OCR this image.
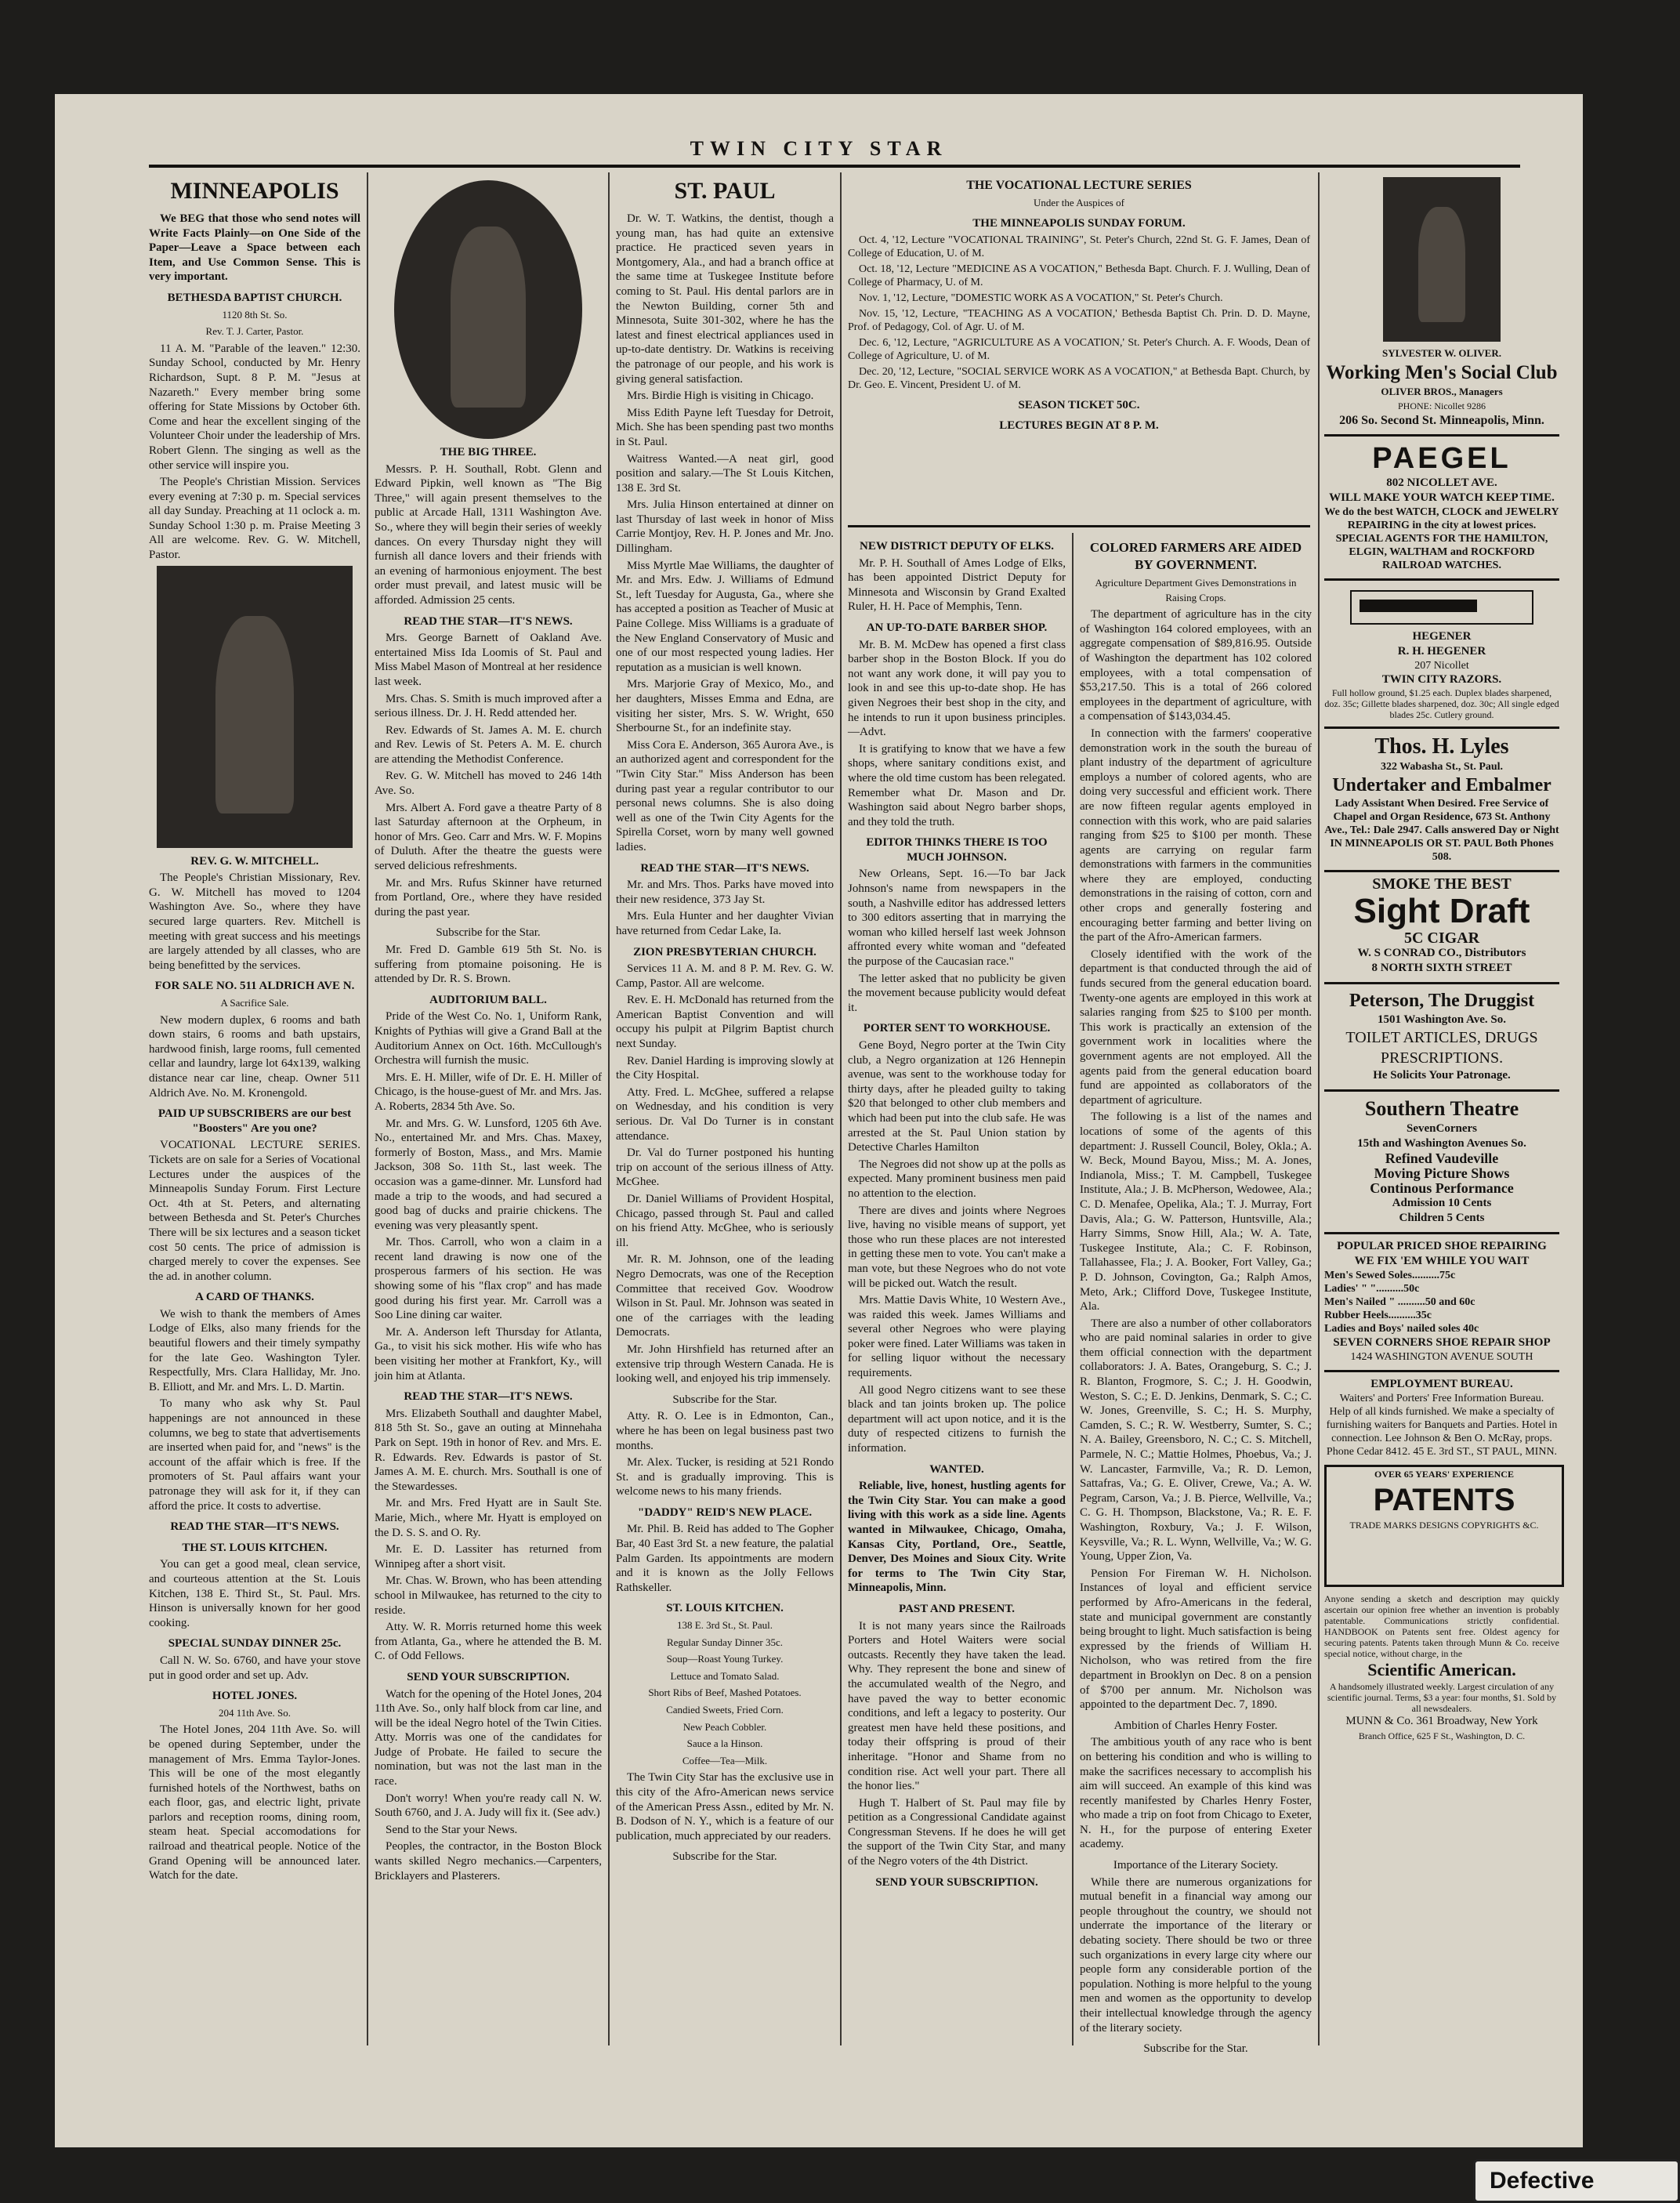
TWIN CITY STAR
MINNEAPOLIS

We BEG that those who send notes will Write Facts Plainly—on One Side of the Paper—Leave a Space between each Item, and Use Common Sense. This is very important.

BETHESDA BAPTIST CHURCH.
1120 8th St. So.
Rev. T. J. Carter, Pastor.

11 A. M. "Parable of the leaven." 12:30. Sunday School, conducted by Mr. Henry Richardson, Supt. 8 P. M. "Jesus at Nazareth." Every member bring some offering for State Missions by October 6th. Come and hear the excellent singing of the Volunteer Choir under the leadership of Mrs. Robert Glenn. The singing as well as the other service will inspire you.

The People's Christian Mission. Services every evening at 7:30 p. m. Special services all day Sunday. Preaching at 11 oclock a. m. Sunday School 1:30 p. m. Praise Meeting 3 All are welcome. Rev. G. W. Mitchell, Pastor.

REV. G. W. MITCHELL.

The People's Christian Missionary, Rev. G. W. Mitchell has moved to 1204 Washington Ave. So., where they have secured large quarters. Rev. Mitchell is meeting with great success and his meetings are largely attended by all classes, who are being benefitted by the services.

FOR SALE NO. 511 ALDRICH AVE N.
A Sacrifice Sale.

New modern duplex, 6 rooms and bath down stairs, 6 rooms and bath upstairs, hardwood finish, large rooms, full cemented cellar and laundry, large lot 64x139, walking distance near car line, cheap. Owner 511 Aldrich Ave. No. M. Kronengold.

PAID UP SUBSCRIBERS are our best "Boosters" Are you one?

VOCATIONAL LECTURE SERIES. Tickets are on sale for a Series of Vocational Lectures under the auspices of the Minneapolis Sunday Forum. First Lecture Oct. 4th at St. Peters, and alternating between Bethesda and St. Peter's Churches There will be six lectures and a season ticket cost 50 cents. The price of admission is charged merely to cover the expenses. See the ad. in another column.

A CARD OF THANKS.

We wish to thank the members of Ames Lodge of Elks, also many friends for the beautiful flowers and their timely sympathy for the late Geo. Washington Tyler. Respectfully, Mrs. Clara Halliday, Mr. Jno. B. Elliott, and Mr. and Mrs. L. D. Martin.

To many who ask why St. Paul happenings are not announced in these columns, we beg to state that advertisements are inserted when paid for, and "news" is the account of the affair which is free. If the promoters of St. Paul affairs want your patronage they will ask for it, if they can afford the price. It costs to advertise.

READ THE STAR—IT'S NEWS.
THE ST. LOUIS KITCHEN.

You can get a good meal, clean service, and courteous attention at the St. Louis Kitchen, 138 E. Third St., St. Paul. Mrs. Hinson is universally known for her good cooking.

SPECIAL SUNDAY DINNER 25c.

Call N. W. So. 6760, and have your stove put in good order and set up. Adv.

HOTEL JONES.
204 11th Ave. So.

The Hotel Jones, 204 11th Ave. So. will be opened during September, under the management of Mrs. Emma Taylor-Jones. This will be one of the most elegantly furnished hotels of the Northwest, baths on each floor, gas, and electric light, private parlors and reception rooms, dining room, steam heat. Special accomodations for railroad and theatrical people. Notice of the Grand Opening will be announced later. Watch for the date.

THE BIG THREE.

Messrs. P. H. Southall, Robt. Glenn and Edward Pipkin, well known as "The Big Three," will again present themselves to the public at Arcade Hall, 1311 Washington Ave. So., where they will begin their series of weekly dances. On every Thursday night they will furnish all dance lovers and their friends with an evening of harmonious enjoyment. The best order must prevail, and latest music will be afforded. Admission 25 cents.

READ THE STAR—IT'S NEWS.

Mrs. George Barnett of Oakland Ave. entertained Miss Ida Loomis of St. Paul and Miss Mabel Mason of Montreal at her residence last week.

Mrs. Chas. S. Smith is much improved after a serious illness. Dr. J. H. Redd attended her.

Rev. Edwards of St. James A. M. E. church and Rev. Lewis of St. Peters A. M. E. church are attending the Methodist Conference.

Rev. G. W. Mitchell has moved to 246 14th Ave. So.

Mrs. Albert A. Ford gave a theatre Party of 8 last Saturday afternoon at the Orpheum, in honor of Mrs. Geo. Carr and Mrs. W. F. Mopins of Duluth. After the theatre the guests were served delicious refreshments.

Mr. and Mrs. Rufus Skinner have returned from Portland, Ore., where they have resided during the past year.

Subscribe for the Star.

Mr. Fred D. Gamble 619 5th St. No. is suffering from ptomaine poisoning. He is attended by Dr. R. S. Brown.

AUDITORIUM BALL.

Pride of the West Co. No. 1, Uniform Rank, Knights of Pythias will give a Grand Ball at the Auditorium Annex on Oct. 16th. McCullough's Orchestra will furnish the music.

Mrs. E. H. Miller, wife of Dr. E. H. Miller of Chicago, is the house-guest of Mr. and Mrs. Jas. A. Roberts, 2834 5th Ave. So.

Mr. and Mrs. G. W. Lunsford, 1205 6th Ave. No., entertained Mr. and Mrs. Chas. Maxey, formerly of Boston, Mass., and Mrs. Mamie Jackson, 308 So. 11th St., last week. The occasion was a game-dinner. Mr. Lunsford had made a trip to the woods, and had secured a good bag of ducks and prairie chickens. The evening was very pleasantly spent.

Mr. Thos. Carroll, who won a claim in a recent land drawing is now one of the prosperous farmers of his section. He was showing some of his "flax crop" and has made good during his first year. Mr. Carroll was a Soo Line dining car waiter.

Mr. A. Anderson left Thursday for Atlanta, Ga., to visit his sick mother. His wife who has been visiting her mother at Frankfort, Ky., will join him at Atlanta.

READ THE STAR—IT'S NEWS.

Mrs. Elizabeth Southall and daughter Mabel, 818 5th St. So., gave an outing at Minnehaha Park on Sept. 19th in honor of Rev. and Mrs. E. R. Edwards. Rev. Edwards is pastor of St. James A. M. E. church. Mrs. Southall is one of the Stewardesses.

Mr. and Mrs. Fred Hyatt are in Sault Ste. Marie, Mich., where Mr. Hyatt is employed on the D. S. S. and O. Ry.

Mr. E. D. Lassiter has returned from Winnipeg after a short visit.

Mr. Chas. W. Brown, who has been attending school in Milwaukee, has returned to the city to reside.

Atty. W. R. Morris returned home this week from Atlanta, Ga., where he attended the B. M. C. of Odd Fellows.

SEND YOUR SUBSCRIPTION.

Watch for the opening of the Hotel Jones, 204 11th Ave. So., only half block from car line, and will be the ideal Negro hotel of the Twin Cities. Atty. Morris was one of the candidates for Judge of Probate. He failed to secure the nomination, but was not the last man in the race.

Don't worry! When you're ready call N. W. South 6760, and J. A. Judy will fix it. (See adv.)

Send to the Star your News.

Peoples, the contractor, in the Boston Block wants skilled Negro mechanics.—Carpenters, Bricklayers and Plasterers.

ST. PAUL

Dr. W. T. Watkins, the dentist, though a young man, has had quite an extensive practice. He practiced seven years in Montgomery, Ala., and had a branch office at the same time at Tuskegee Institute before coming to St. Paul. His dental parlors are in the Newton Building, corner 5th and Minnesota, Suite 301-302, where he has the latest and finest electrical appliances used in up-to-date dentistry. Dr. Watkins is receiving the patronage of our people, and his work is giving general satisfaction.

Mrs. Birdie High is visiting in Chicago.

Miss Edith Payne left Tuesday for Detroit, Mich. She has been spending past two months in St. Paul.

Waitress Wanted.—A neat girl, good position and salary.—The St Louis Kitchen, 138 E. 3rd St.

Mrs. Julia Hinson entertained at dinner on last Thursday of last week in honor of Miss Carrie Montjoy, Rev. H. P. Jones and Mr. Jno. Dillingham.

Miss Myrtle Mae Williams, the daughter of Mr. and Mrs. Edw. J. Williams of Edmund St., left Tuesday for Augusta, Ga., where she has accepted a position as Teacher of Music at Paine College. Miss Williams is a graduate of the New England Conservatory of Music and one of our most respected young ladies. Her reputation as a musician is well known.

Mrs. Marjorie Gray of Mexico, Mo., and her daughters, Misses Emma and Edna, are visiting her sister, Mrs. S. W. Wright, 650 Sherbourne St., for an indefinite stay.

Miss Cora E. Anderson, 365 Aurora Ave., is an authorized agent and correspondent for the "Twin City Star." Miss Anderson has been during past year a regular contributor to our personal news columns. She is also doing well as one of the Twin City Agents for the Spirella Corset, worn by many well gowned ladies.

READ THE STAR—IT'S NEWS.

Mr. and Mrs. Thos. Parks have moved into their new residence, 373 Jay St.

Mrs. Eula Hunter and her daughter Vivian have returned from Cedar Lake, Ia.

ZION PRESBYTERIAN CHURCH.

Services 11 A. M. and 8 P. M. Rev. G. W. Camp, Pastor. All are welcome.

Rev. E. H. McDonald has returned from the American Baptist Convention and will occupy his pulpit at Pilgrim Baptist church next Sunday.

Rev. Daniel Harding is improving slowly at the City Hospital.

Atty. Fred. L. McGhee, suffered a relapse on Wednesday, and his condition is very serious. Dr. Val Do Turner is in constant attendance.

Dr. Val do Turner postponed his hunting trip on account of the serious illness of Atty. McGhee.

Dr. Daniel Williams of Provident Hospital, Chicago, passed through St. Paul and called on his friend Atty. McGhee, who is seriously ill.

Mr. R. M. Johnson, one of the leading Negro Democrats, was one of the Reception Committee that received Gov. Woodrow Wilson in St. Paul. Mr. Johnson was seated in one of the carriages with the leading Democrats.

Mr. John Hirshfield has returned after an extensive trip through Western Canada. He is looking well, and enjoyed his trip immensely.

Subscribe for the Star.

Atty. R. O. Lee is in Edmonton, Can., where he has been on legal business past two months.

Mr. Alex. Tucker, is residing at 521 Rondo St. and is gradually improving. This is welcome news to his many friends.

"DADDY" REID'S NEW PLACE.

Mr. Phil. B. Reid has added to The Gopher Bar, 40 East 3rd St. a new feature, the palatial Palm Garden. Its appointments are modern and it is known as the Jolly Fellows Rathskeller.

ST. LOUIS KITCHEN.
138 E. 3rd St., St. Paul.
Regular Sunday Dinner 35c.
Soup—Roast Young Turkey.
Lettuce and Tomato Salad.
Short Ribs of Beef, Mashed Potatoes.
Candied Sweets, Fried Corn.
New Peach Cobbler.
Sauce a la Hinson.
Coffee—Tea—Milk.

The Twin City Star has the exclusive use in this city of the Afro-American news service of the American Press Assn., edited by Mr. N. B. Dodson of N. Y., which is a feature of our publication, much appreciated by our readers.

Subscribe for the Star.
THE VOCATIONAL LECTURE SERIES
Under the Auspices of
THE MINNEAPOLIS SUNDAY FORUM.

Oct. 4, '12, Lecture "VOCATIONAL TRAINING", St. Peter's Church, 22nd St. G. F. James, Dean of College of Education, U. of M.

Oct. 18, '12, Lecture "MEDICINE AS A VOCATION," Bethesda Bapt. Church. F. J. Wulling, Dean of College of Pharmacy, U. of M.

Nov. 1, '12, Lecture, "DOMESTIC WORK AS A VOCATION," St. Peter's Church.

Nov. 15, '12, Lecture, "TEACHING AS A VOCATION,' Bethesda Baptist Ch. Prin. D. D. Mayne, Prof. of Pedagogy, Col. of Agr. U. of M.

Dec. 6, '12, Lecture, "AGRICULTURE AS A VOCATION,' St. Peter's Church. A. F. Woods, Dean of College of Agriculture, U. of M.

Dec. 20, '12, Lecture, "SOCIAL SERVICE WORK AS A VOCATION," at Bethesda Bapt. Church, by Dr. Geo. E. Vincent, President U. of M.

SEASON TICKET 50C.
LECTURES BEGIN AT 8 P. M.
NEW DISTRICT DEPUTY OF ELKS.

Mr. P. H. Southall of Ames Lodge of Elks, has been appointed District Deputy for Minnesota and Wisconsin by Grand Exalted Ruler, H. H. Pace of Memphis, Tenn.

AN UP-TO-DATE BARBER SHOP.

Mr. B. M. McDew has opened a first class barber shop in the Boston Block. If you do not want any work done, it will pay you to look in and see this up-to-date shop. He has given Negroes their best shop in the city, and he intends to run it upon business principles.—Advt.

It is gratifying to know that we have a few shops, where sanitary conditions exist, and where the old time custom has been relegated. Remember what Dr. Mason and Dr. Washington said about Negro barber shops, and they told the truth.

EDITOR THINKS THERE IS TOO MUCH JOHNSON.

New Orleans, Sept. 16.—To bar Jack Johnson's name from newspapers in the south, a Nashville editor has addressed letters to 300 editors asserting that in marrying the woman who killed herself last week Johnson affronted every white woman and "defeated the purpose of the Caucasian race."

The letter asked that no publicity be given the movement because publicity would defeat it.

PORTER SENT TO WORKHOUSE.

Gene Boyd, Negro porter at the Twin City club, a Negro organization at 126 Hennepin avenue, was sent to the workhouse today for thirty days, after he pleaded guilty to taking $20 that belonged to other club members and which had been put into the club safe. He was arrested at the St. Paul Union station by Detective Charles Hamilton

The Negroes did not show up at the polls as expected. Many prominent business men paid no attention to the election.

There are dives and joints where Negroes live, having no visible means of support, yet those who run these places are not interested in getting these men to vote. You can't make a man vote, but these Negroes who do not vote will be picked out. Watch the result.

Mrs. Mattie Davis White, 10 Western Ave., was raided this week. James Williams and several other Negroes who were playing poker were fined. Later Williams was taken in for selling liquor without the necessary requirements.

All good Negro citizens want to see these black and tan joints broken up. The police department will act upon notice, and it is the duty of respected citizens to furnish the information.

WANTED.

Reliable, live, honest, hustling agents for the Twin City Star. You can make a good living with this work as a side line. Agents wanted in Milwaukee, Chicago, Omaha, Kansas City, Portland, Ore., Seattle, Denver, Des Moines and Sioux City. Write for terms to The Twin City Star, Minneapolis, Minn.

PAST AND PRESENT.

It is not many years since the Railroads Porters and Hotel Waiters were social outcasts. Recently they have taken the lead. Why. They represent the bone and sinew of the accumulated wealth of the Negro, and have paved the way to better economic conditions, and left a legacy to posterity. Our greatest men have held these positions, and today their offspring is proud of their inheritage. "Honor and Shame from no condition rise. Act well your part. There all the honor lies."

Hugh T. Halbert of St. Paul may file by petition as a Congressional Candidate against Congressman Stevens. If he does he will get the support of the Twin City Star, and many of the Negro voters of the 4th District.

SEND YOUR SUBSCRIPTION.
COLORED FARMERS ARE AIDED BY GOVERNMENT.
Agriculture Department Gives Demonstrations in Raising Crops.

The department of agriculture has in the city of Washington 164 colored employees, with an aggregate compensation of $89,816.95. Outside of Washington the department has 102 colored employees, with a total compensation of $53,217.50. This is a total of 266 colored employees in the department of agriculture, with a compensation of $143,034.45.

In connection with the farmers' cooperative demonstration work in the south the bureau of plant industry of the department of agriculture employs a number of colored agents, who are doing very successful and efficient work. There are now fifteen regular agents employed in connection with this work, who are paid salaries ranging from $25 to $100 per month. These agents are carrying on regular farm demonstrations with farmers in the communities where they are employed, conducting demonstrations in the raising of cotton, corn and other crops and generally fostering and encouraging better farming and better living on the part of the Afro-American farmers.

Closely identified with the work of the department is that conducted through the aid of funds secured from the general education board. Twenty-one agents are employed in this work at salaries ranging from $25 to $100 per month. This work is practically an extension of the government work in localities where the government agents are not employed. All the agents paid from the general education board fund are appointed as collaborators of the department of agriculture.

The following is a list of the names and locations of some of the agents of this department: J. Russell Council, Boley, Okla.; A. W. Beck, Mound Bayou, Miss.; M. A. Jones, Indianola, Miss.; T. M. Campbell, Tuskegee Institute, Ala.; J. B. McPherson, Wedowee, Ala.; C. D. Menafee, Opelika, Ala.; T. J. Murray, Fort Davis, Ala.; G. W. Patterson, Huntsville, Ala.; Harry Simms, Snow Hill, Ala.; W. A. Tate, Tuskegee Institute, Ala.; C. F. Robinson, Tallahassee, Fla.; J. A. Booker, Fort Valley, Ga.; P. D. Johnson, Covington, Ga.; Ralph Amos, Meto, Ark.; Clifford Dove, Tuskegee Institute, Ala.

There are also a number of other collaborators who are paid nominal salaries in order to give them official connection with the department collaborators: J. A. Bates, Orangeburg, S. C.; J. R. Blanton, Frogmore, S. C.; J. H. Goodwin, Weston, S. C.; E. D. Jenkins, Denmark, S. C.; C. W. Jones, Greenville, S. C.; H. S. Murphy, Camden, S. C.; R. W. Westberry, Sumter, S. C.; N. A. Bailey, Greensboro, N. C.; C. S. Mitchell, Parmele, N. C.; Mattie Holmes, Phoebus, Va.; J. W. Lancaster, Farmville, Va.; R. D. Lemon, Sattafras, Va.; G. E. Oliver, Crewe, Va.; A. W. Pegram, Carson, Va.; J. B. Pierce, Wellville, Va.; C. G. H. Thompson, Blackstone, Va.; R. E. F. Washington, Roxbury, Va.; J. F. Wilson, Keysville, Va.; R. L. Wynn, Wellville, Va.; W. G. Young, Upper Zion, Va.

Pension For Fireman W. H. Nicholson. Instances of loyal and efficient service performed by Afro-Americans in the federal, state and municipal government are constantly being brought to light. Much satisfaction is being expressed by the friends of William H. Nicholson, who was retired from the fire department in Brooklyn on Dec. 8 on a pension of $700 per annum. Mr. Nicholson was appointed to the department Dec. 7, 1890.

Ambition of Charles Henry Foster.

The ambitious youth of any race who is bent on bettering his condition and who is willing to make the sacrifices necessary to accomplish his aim will succeed. An example of this kind was recently manifested by Charles Henry Foster, who made a trip on foot from Chicago to Exeter, N. H., for the purpose of entering Exeter academy.

Importance of the Literary Society.

While there are numerous organizations for mutual benefit in a financial way among our people throughout the country, we should not underrate the importance of the literary or debating society. There should be two or three such organizations in every large city where our people form any considerable portion of the population. Nothing is more helpful to the young men and women as the opportunity to develop their intellectual knowledge through the agency of the literary society.

Subscribe for the Star.
SYLVESTER W. OLIVER.
Working Men's Social Club
OLIVER BROS., Managers
PHONE: Nicollet 9286
206 So. Second St. Minneapolis, Minn.
PAEGEL
802 NICOLLET AVE.
WILL MAKE YOUR WATCH KEEP TIME.
We do the best WATCH, CLOCK and JEWELRY REPAIRING in the city at lowest prices. SPECIAL AGENTS FOR THE HAMILTON, ELGIN, WALTHAM and ROCKFORD RAILROAD WATCHES.
HEGENER
R. H. HEGENER
207 Nicollet
TWIN CITY RAZORS.
Full hollow ground, $1.25 each. Duplex blades sharpened, doz. 35c; Gillette blades sharpened, doz. 30c; All single edged blades 25c. Cutlery ground.
Thos. H. Lyles
322 Wabasha St., St. Paul.
Undertaker and Embalmer
Lady Assistant When Desired. Free Service of Chapel and Organ Residence, 673 St. Anthony Ave., Tel.: Dale 2947. Calls answered Day or Night IN MINNEAPOLIS OR ST. PAUL Both Phones 508.
SMOKE THE BEST
Sight Draft
5C CIGAR
W. S CONRAD CO., Distributors
8 NORTH SIXTH STREET
Peterson, The Druggist
1501 Washington Ave. So.
TOILET ARTICLES, DRUGS PRESCRIPTIONS.
He Solicits Your Patronage.
Southern Theatre
SevenCorners
15th and Washington Avenues So.
Refined Vaudeville
Moving Picture Shows
Continous Performance
Admission 10 Cents
Children 5 Cents
POPULAR PRICED SHOE REPAIRING
WE FIX 'EM WHILE YOU WAIT
Men's Sewed Soles..........75c
Ladies' " "..........50c
Men's Nailed " ..........50 and 60c
Rubber Heels..........35c
Ladies and Boys' nailed soles 40c
SEVEN CORNERS SHOE REPAIR SHOP
1424 WASHINGTON AVENUE SOUTH
EMPLOYMENT BUREAU.
Waiters' and Porters' Free Information Bureau.
Help of all kinds furnished. We make a specialty of furnishing waiters for Banquets and Parties. Hotel in connection. Lee Johnson & Ben O. McRay, props. Phone Cedar 8412. 45 E. 3rd ST., ST PAUL, MINN.
OVER 65 YEARS' EXPERIENCE
PATENTS
TRADE MARKS DESIGNS COPYRIGHTS &C.
Anyone sending a sketch and description may quickly ascertain our opinion free whether an invention is probably patentable. Communications strictly confidential. HANDBOOK on Patents sent free. Oldest agency for securing patents. Patents taken through Munn & Co. receive special notice, without charge, in the
Scientific American.
A handsomely illustrated weekly. Largest circulation of any scientific journal. Terms, $3 a year: four months, $1. Sold by all newsdealers.
MUNN & Co. 361 Broadway, New York
Branch Office, 625 F St., Washington, D. C.
Defective
